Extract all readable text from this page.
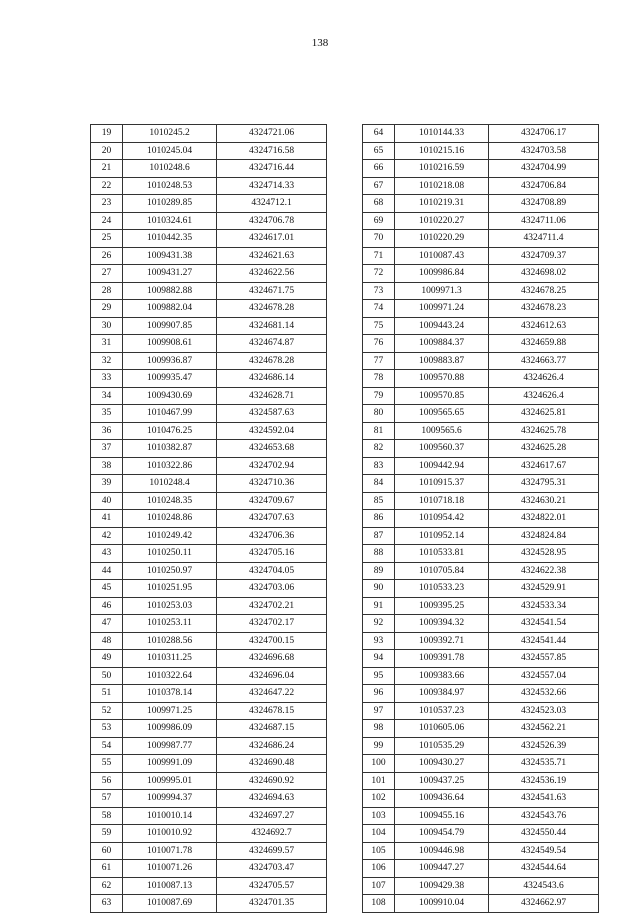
138
19	1010245.2	4324721.06
20	1010245.04	4324716.58
21	1010248.6	4324716.44
22	1010248.53	4324714.33
23	1010289.85	4324712.1
24	1010324.61	4324706.78
25	1010442.35	4324617.01
26	1009431.38	4324621.63
27	1009431.27	4324622.56
28	1009882.88	4324671.75
29	1009882.04	4324678.28
30	1009907.85	4324681.14
31	1009908.61	4324674.87
32	1009936.87	4324678.28
33	1009935.47	4324686.14
34	1009430.69	4324628.71
35	1010467.99	4324587.63
36	1010476.25	4324592.04
37	1010382.87	4324653.68
38	1010322.86	4324702.94
39	1010248.4	4324710.36
40	1010248.35	4324709.67
41	1010248.86	4324707.63
42	1010249.42	4324706.36
43	1010250.11	4324705.16
44	1010250.97	4324704.05
45	1010251.95	4324703.06
46	1010253.03	4324702.21
47	1010253.11	4324702.17
48	1010288.56	4324700.15
49	1010311.25	4324696.68
50	1010322.64	4324696.04
51	1010378.14	4324647.22
52	1009971.25	4324678.15
53	1009986.09	4324687.15
54	1009987.77	4324686.24
55	1009991.09	4324690.48
56	1009995.01	4324690.92
57	1009994.37	4324694.63
58	1010010.14	4324697.27
59	1010010.92	4324692.7
60	1010071.78	4324699.57
61	1010071.26	4324703.47
62	1010087.13	4324705.57
63	1010087.69	4324701.35
64	1010144.33	4324706.17
65	1010215.16	4324703.58
66	1010216.59	4324704.99
67	1010218.08	4324706.84
68	1010219.31	4324708.89
69	1010220.27	4324711.06
70	1010220.29	4324711.4
71	1010087.43	4324709.37
72	1009986.84	4324698.02
73	1009971.3	4324678.25
74	1009971.24	4324678.23
75	1009443.24	4324612.63
76	1009884.37	4324659.88
77	1009883.87	4324663.77
78	1009570.88	4324626.4
79	1009570.85	4324626.4
80	1009565.65	4324625.81
81	1009565.6	4324625.78
82	1009560.37	4324625.28
83	1009442.94	4324617.67
84	1010915.37	4324795.31
85	1010718.18	4324630.21
86	1010954.42	4324822.01
87	1010952.14	4324824.84
88	1010533.81	4324528.95
89	1010705.84	4324622.38
90	1010533.23	4324529.91
91	1009395.25	4324533.34
92	1009394.32	4324541.54
93	1009392.71	4324541.44
94	1009391.78	4324557.85
95	1009383.66	4324557.04
96	1009384.97	4324532.66
97	1010537.23	4324523.03
98	1010605.06	4324562.21
99	1010535.29	4324526.39
100	1009430.27	4324535.71
101	1009437.25	4324536.19
102	1009436.64	4324541.63
103	1009455.16	4324543.76
104	1009454.79	4324550.44
105	1009446.98	4324549.54
106	1009447.27	4324544.64
107	1009429.38	4324543.6
108	1009910.04	4324662.97
